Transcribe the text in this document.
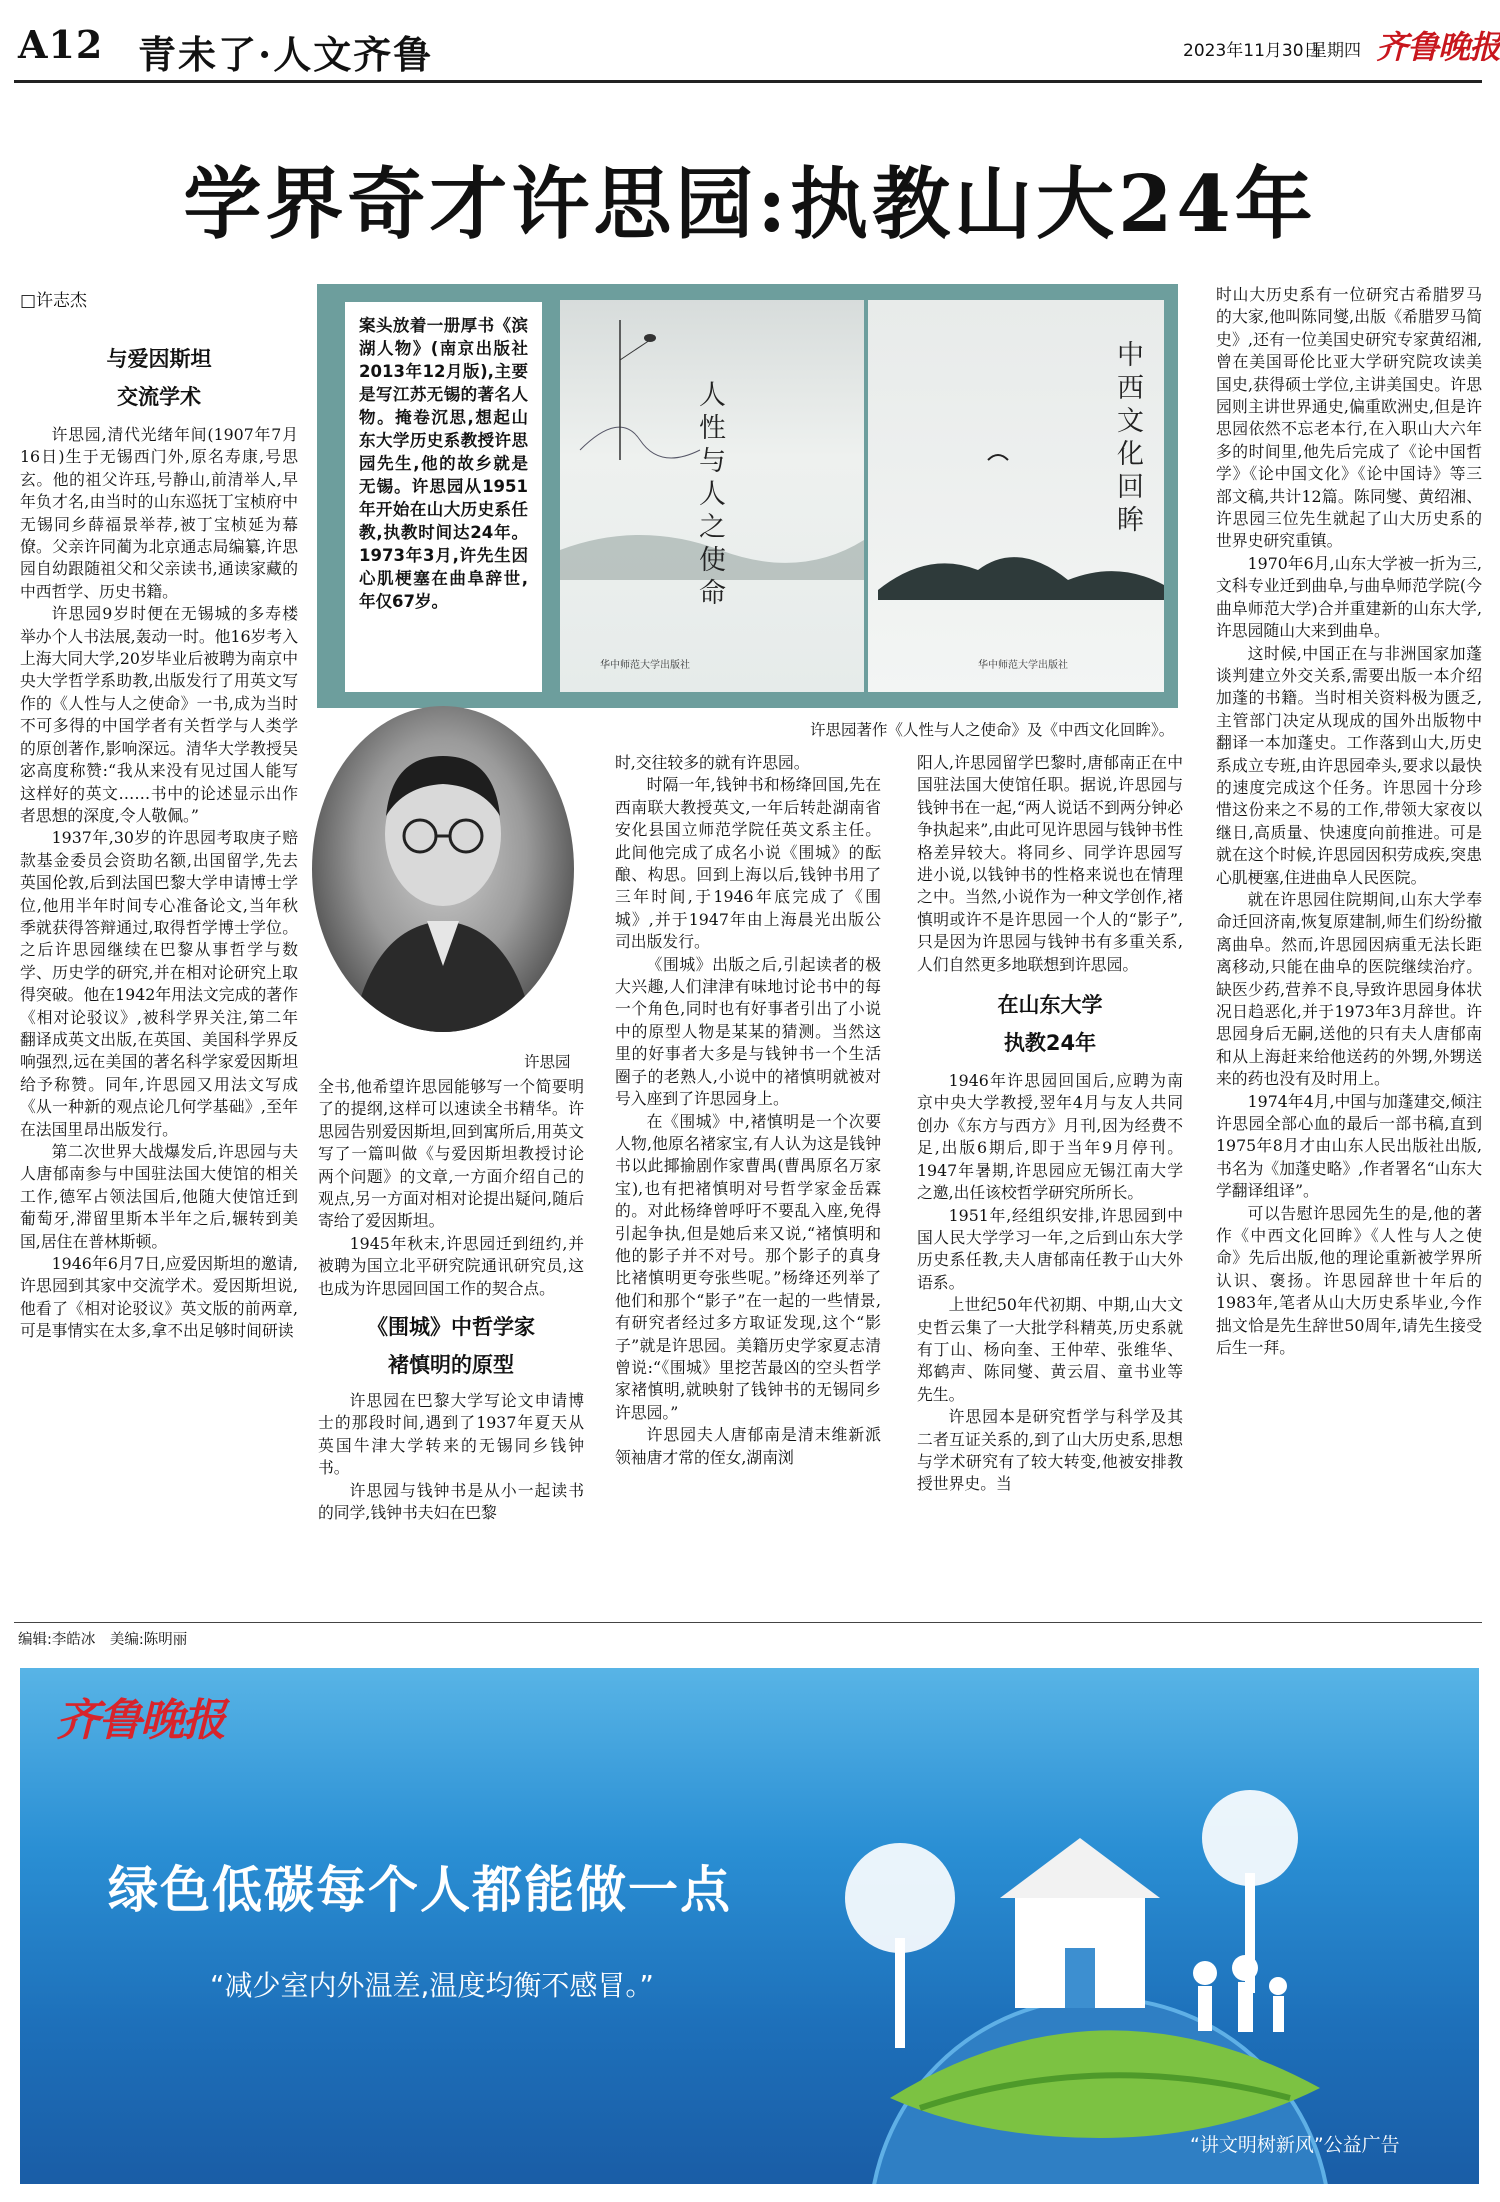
A12 青未了·人文齐鲁	2023年11月30日
星期四 齐鲁晚报
学界奇才许思园:执教山大24年
□许志杰
与爱因斯坦
交流学术

许思园,清代光绪年间(1907年7月16日)生于无锡西门外,原名寿康,号思玄。他的祖父许珏,号静山,前清举人,早年负才名,由当时的山东巡抚丁宝桢府中无锡同乡薛福景举荐,被丁宝桢延为幕僚。父亲许同蔺为北京通志局编纂,许思园自幼跟随祖父和父亲读书,通读家藏的中西哲学、历史书籍。

许思园9岁时便在无锡城的多寿楼举办个人书法展,轰动一时。他16岁考入上海大同大学,20岁毕业后被聘为南京中央大学哲学系助教,出版发行了用英文写作的《人性与人之使命》一书,成为当时不可多得的中国学者有关哲学与人类学的原创著作,影响深远。清华大学教授吴宓高度称赞:“我从来没有见过国人能写这样好的英文……书中的论述显示出作者思想的深度,令人敬佩。”

1937年,30岁的许思园考取庚子赔款基金委员会资助名额,出国留学,先去英国伦敦,后到法国巴黎大学申请博士学位,他用半年时间专心准备论文,当年秋季就获得答辩通过,取得哲学博士学位。之后许思园继续在巴黎从事哲学与数学、历史学的研究,并在相对论研究上取得突破。他在1942年用法文完成的著作《相对论驳议》,被科学界关注,第二年翻译成英文出版,在英国、美国科学界反响强烈,远在美国的著名科学家爱因斯坦给予称赞。同年,许思园又用法文写成《从一种新的观点论几何学基础》,至年在法国里昂出版发行。

第二次世界大战爆发后,许思园与夫人唐郁南参与中国驻法国大使馆的相关工作,德军占领法国后,他随大使馆迁到葡萄牙,滞留里斯本半年之后,辗转到美国,居住在普林斯顿。

1946年6月7日,应爱因斯坦的邀请,许思园到其家中交流学术。爱因斯坦说,他看了《相对论驳议》英文版的前两章,可是事情实在太多,拿不出足够时间研读

案头放着一册厚书《滨湖人物》(南京出版社2013年12月版),主要是写江苏无锡的著名人物。掩卷沉思,想起山东大学历史系教授许思园先生,他的故乡就是无锡。许思园从1951年开始在山大历史系任教,执教时间达24年。1973年3月,许先生因心肌梗塞在曲阜辞世,年仅67岁。	人性与人之使命
华中师范大学出版社
中西文化回眸
华中师范大学出版社
许思园著作《人性与人之使命》及《中西文化回眸》。
许思园

全书,他希望许思园能够写一个简要明了的提纲,这样可以速读全书精华。许思园告别爱因斯坦,回到寓所后,用英文写了一篇叫做《与爱因斯坦教授讨论两个问题》的文章,一方面介绍自己的观点,另一方面对相对论提出疑问,随后寄给了爱因斯坦。

1945年秋末,许思园迁到纽约,并被聘为国立北平研究院通讯研究员,这也成为许思园回国工作的契合点。

《围城》中哲学家
褚慎明的原型

许思园在巴黎大学写论文申请博士的那段时间,遇到了1937年夏天从英国牛津大学转来的无锡同乡钱钟书。

许思园与钱钟书是从小一起读书的同学,钱钟书夫妇在巴黎

时,交往较多的就有许思园。

时隔一年,钱钟书和杨绛回国,先在西南联大教授英文,一年后转赴湖南省安化县国立师范学院任英文系主任。此间他完成了成名小说《围城》的酝酿、构思。回到上海以后,钱钟书用了三年时间,于1946年底完成了《围城》,并于1947年由上海晨光出版公司出版发行。

《围城》出版之后,引起读者的极大兴趣,人们津津有味地讨论书中的每一个角色,同时也有好事者引出了小说中的原型人物是某某的猜测。当然这里的好事者大多是与钱钟书一个生活圈子的老熟人,小说中的褚慎明就被对号入座到了许思园身上。

在《围城》中,褚慎明是一个次要人物,他原名褚家宝,有人认为这是钱钟书以此揶揄剧作家曹禺(曹禺原名万家宝),也有把褚慎明对号哲学家金岳霖的。对此杨绛曾呼吁不要乱入座,免得引起争执,但是她后来又说,“褚慎明和他的影子并不对号。那个影子的真身比褚慎明更夸张些呢。”杨绛还列举了他们和那个“影子”在一起的一些情景,有研究者经过多方取证发现,这个“影子”就是许思园。美籍历史学家夏志清曾说:“《围城》里挖苦最凶的空头哲学家褚慎明,就映射了钱钟书的无锡同乡许思园。”

许思园夫人唐郁南是清末维新派领袖唐才常的侄女,湖南浏

阳人,许思园留学巴黎时,唐郁南正在中国驻法国大使馆任职。据说,许思园与钱钟书在一起,“两人说话不到两分钟必争执起来”,由此可见许思园与钱钟书性格差异较大。将同乡、同学许思园写进小说,以钱钟书的性格来说也在情理之中。当然,小说作为一种文学创作,褚慎明或许不是许思园一个人的“影子”,只是因为许思园与钱钟书有多重关系,人们自然更多地联想到许思园。

在山东大学
执教24年

1946年许思园回国后,应聘为南京中央大学教授,翌年4月与友人共同创办《东方与西方》月刊,因为经费不足,出版6期后,即于当年9月停刊。1947年暑期,许思园应无锡江南大学之邀,出任该校哲学研究所所长。

1951年,经组织安排,许思园到中国人民大学学习一年,之后到山东大学历史系任教,夫人唐郁南任教于山大外语系。

上世纪50年代初期、中期,山大文史哲云集了一大批学科精英,历史系就有丁山、杨向奎、王仲荦、张维华、郑鹤声、陈同燮、黄云眉、童书业等先生。

许思园本是研究哲学与科学及其二者互证关系的,到了山大历史系,思想与学术研究有了较大转变,他被安排教授世界史。当

时山大历史系有一位研究古希腊罗马的大家,他叫陈同燮,出版《希腊罗马简史》,还有一位美国史研究专家黄绍湘,曾在美国哥伦比亚大学研究院攻读美国史,获得硕士学位,主讲美国史。许思园则主讲世界通史,偏重欧洲史,但是许思园依然不忘老本行,在入职山大六年多的时间里,他先后完成了《论中国哲学》《论中国文化》《论中国诗》等三部文稿,共计12篇。陈同燮、黄绍湘、许思园三位先生就起了山大历史系的世界史研究重镇。

1970年6月,山东大学被一折为三,文科专业迁到曲阜,与曲阜师范学院(今曲阜师范大学)合并重建新的山东大学,许思园随山大来到曲阜。

这时候,中国正在与非洲国家加蓬谈判建立外交关系,需要出版一本介绍加蓬的书籍。当时相关资料极为匮乏,主管部门决定从现成的国外出版物中翻译一本加蓬史。工作落到山大,历史系成立专班,由许思园牵头,要求以最快的速度完成这个任务。许思园十分珍惜这份来之不易的工作,带领大家夜以继日,高质量、快速度向前推进。可是就在这个时候,许思园因积劳成疾,突患心肌梗塞,住进曲阜人民医院。

就在许思园住院期间,山东大学奉命迁回济南,恢复原建制,师生们纷纷撤离曲阜。然而,许思园因病重无法长距离移动,只能在曲阜的医院继续治疗。缺医少药,营养不良,导致许思园身体状况日趋恶化,并于1973年3月辞世。许思园身后无嗣,送他的只有夫人唐郁南和从上海赶来给他送药的外甥,外甥送来的药也没有及时用上。

1974年4月,中国与加蓬建交,倾注许思园全部心血的最后一部书稿,直到1975年8月才由山东人民出版社出版,书名为《加蓬史略》,作者署名“山东大学翻译组译”。

可以告慰许思园先生的是,他的著作《中西文化回眸》《人性与人之使命》先后出版,他的理论重新被学界所认识、褒扬。许思园辞世十年后的1983年,笔者从山大历史系毕业,今作拙文恰是先生辞世50周年,请先生接受后生一拜。

编辑:李皓冰　美编:陈明丽
齐鲁晚报
绿色低碳每个人都能做一点
“减少室内外温差,温度均衡不感冒。”
“讲文明树新风”公益广告
